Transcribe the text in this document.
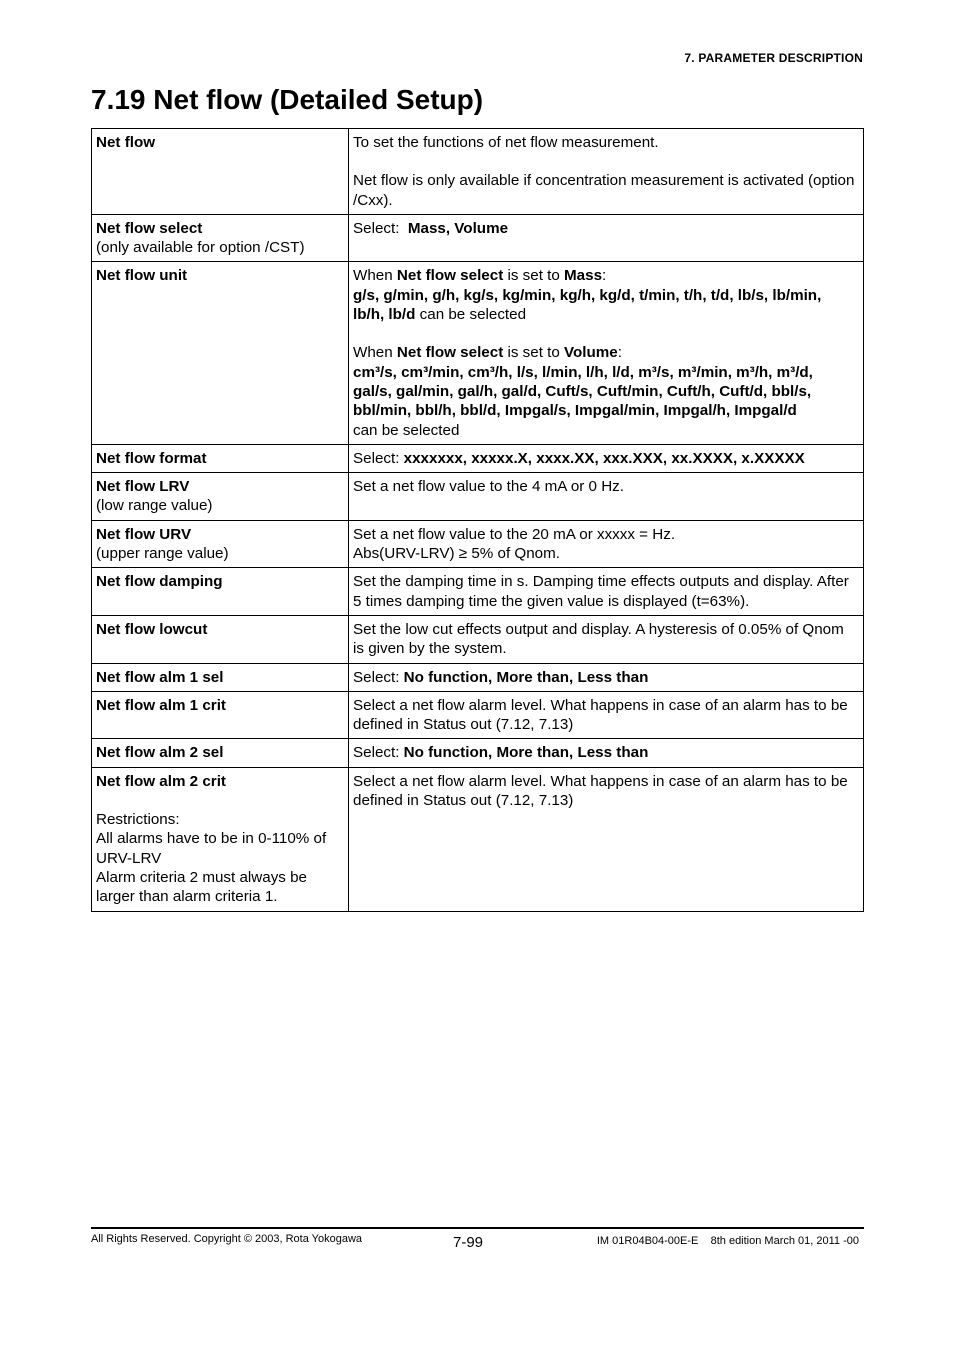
7. PARAMETER DESCRIPTION
7.19 Net flow (Detailed Setup)
Net flow	To set the functions of net flow measurement.
Net flow is only available if concentration measurement is activated (option /Cxx).

Net flow select
(only available for option /CST)	Select:  Mass, Volume

Net flow unit	When Net flow select is set to Mass:
g/s, g/min, g/h, kg/s, kg/min, kg/h, kg/d, t/min, t/h, t/d, lb/s, lb/min, lb/h, lb/d can be selected
When Net flow select is set to Volume:
cm³/s, cm³/min, cm³/h, l/s, l/min, l/h, l/d, m³/s, m³/min, m³/h, m³/d, gal/s, gal/min, gal/h, gal/d, Cuft/s, Cuft/min, Cuft/h, Cuft/d, bbl/s, bbl/min, bbl/h, bbl/d, Impgal/s, Impgal/min, Impgal/h, Impgal/d
can be selected

Net flow format	Select: xxxxxxx, xxxxx.X, xxxx.XX, xxx.XXX, xx.XXXX, x.XXXXX

Net flow LRV
(low range value)	Set a net flow value to the 4 mA or 0 Hz.

Net flow URV
(upper range value)	Set a net flow value to the 20 mA or xxxxx = Hz.
Abs(URV-LRV) ≥ 5% of Qnom.

Net flow damping	Set the damping time in s. Damping time effects outputs and display. After 5 times damping time the given value is displayed (t=63%).

Net flow lowcut	Set the low cut effects output and display. A hysteresis of 0.05% of Qnom is given by the system.

Net flow alm 1 sel	Select: No function, More than, Less than

Net flow alm 1 crit	Select a net flow alarm level. What happens in case of an alarm has to be defined in Status out (7.12, 7.13)

Net flow alm 2 sel	Select: No function, More than, Less than

Net flow alm 2 crit
Restrictions:
All alarms have to be in 0-110% of URV-LRV
Alarm criteria 2 must always be larger than alarm criteria 1.	Select a net flow alarm level. What happens in case of an alarm has to be defined in Status out (7.12, 7.13)
All Rights Reserved. Copyright © 2003, Rota Yokogawa	7-99	IM 01R04B04-00E-E    8th edition March 01, 2011 -00
